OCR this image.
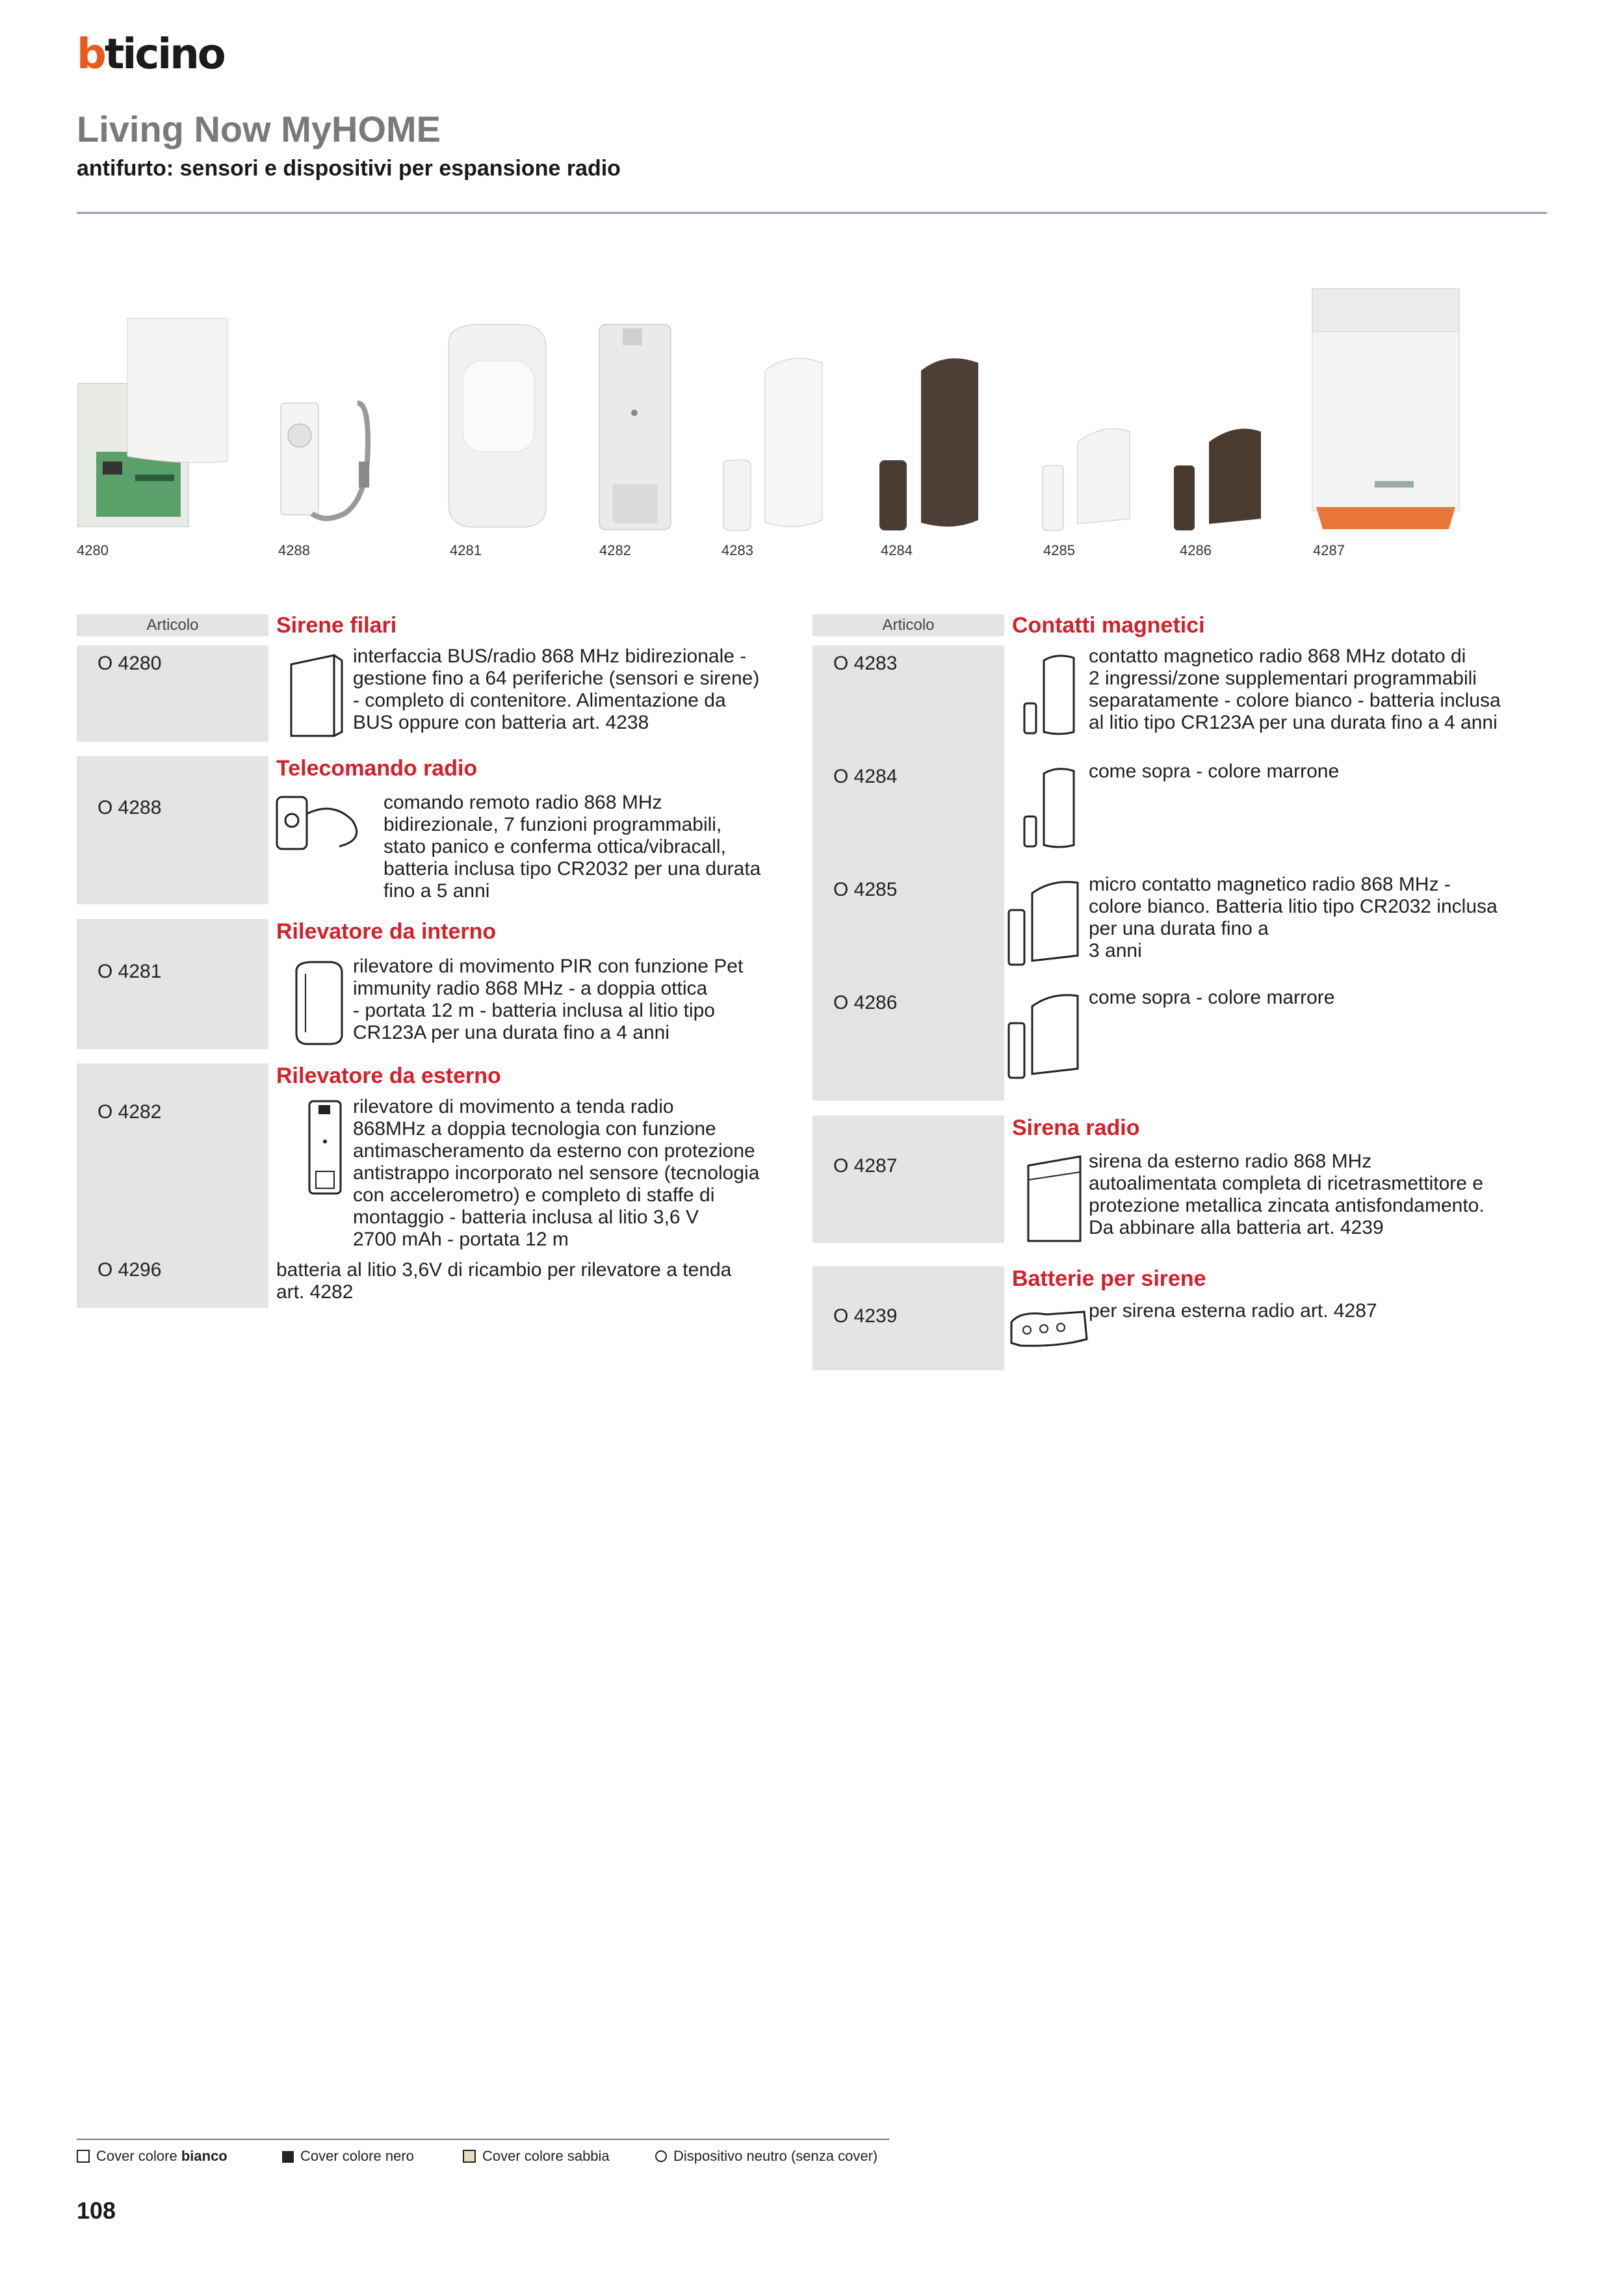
bticino
Living Now MyHOME
antifurto: sensori e dispositivi per espansione radio
4280	4288	4281	4282	4283	4284	4285	4286	4287
Articolo	Sirene filari
O 4280	interfaccia BUS/radio 868 MHz bidirezionale -
gestione fino a 64 periferiche (sensori e sirene)
- completo di contenitore. Alimentazione da
BUS oppure con batteria art. 4238
Telecomando radio
O 4288	comando remoto radio 868 MHz
bidirezionale, 7 funzioni programmabili,
stato panico e conferma ottica/vibracall,
batteria inclusa tipo CR2032 per una durata
fino a 5 anni
Rilevatore da interno
O 4281	rilevatore di movimento PIR con funzione Pet
immunity radio 868 MHz - a doppia ottica
- portata 12 m - batteria inclusa al litio tipo
CR123A per una durata fino a 4 anni
Rilevatore da esterno
O 4282	rilevatore di movimento a tenda radio
868MHz a doppia tecnologia con funzione
antimascheramento da esterno con protezione
antistrappo incorporato nel sensore (tecnologia
con accelerometro) e completo di staffe di
montaggio - batteria inclusa al litio 3,6 V
2700 mAh - portata 12 m
O 4296	batteria al litio 3,6V di ricambio per rilevatore a tenda
art. 4282
Articolo	Contatti magnetici
O 4283	contatto magnetico radio 868 MHz dotato di
2 ingressi/zone supplementari programmabili
separatamente - colore bianco - batteria inclusa
al litio tipo CR123A per una durata fino a 4 anni
O 4284	come sopra - colore marrone
O 4285	micro contatto magnetico radio 868 MHz -
colore bianco. Batteria litio tipo CR2032 inclusa
per una durata fino a
3 anni
O 4286	come sopra - colore marrore
Sirena radio
O 4287	sirena da esterno radio 868 MHz
autoalimentata completa di ricetrasmettitore e
protezione metallica zincata antisfondamento.
Da abbinare alla batteria art. 4239
Batterie per sirene
O 4239	per sirena esterna radio art. 4287
Cover colore bianco	Cover colore nero	Cover colore sabbia	Dispositivo neutro (senza cover)
108
